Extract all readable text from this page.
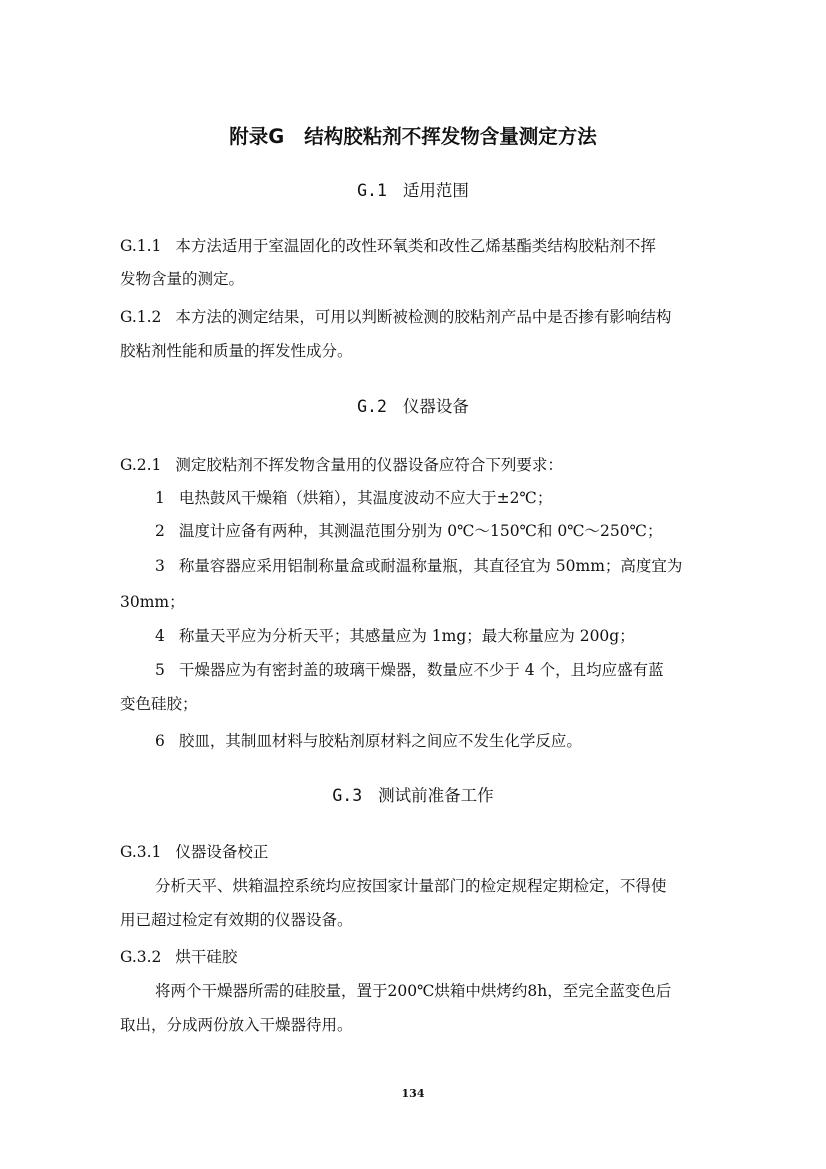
附录G 结构胶粘剂不挥发物含量测定方法
G.1 适用范围
G.1.1 本方法适用于室温固化的改性环氧类和改性乙烯基酯类结构胶粘剂不挥
发物含量的测定。
G.1.2 本方法的测定结果，可用以判断被检测的胶粘剂产品中是否掺有影响结构
胶粘剂性能和质量的挥发性成分。
G.2 仪器设备
G.2.1 测定胶粘剂不挥发物含量用的仪器设备应符合下列要求：
1 电热鼓风干燥箱（烘箱），其温度波动不应大于±2℃；
2 温度计应备有两种，其测温范围分别为 0℃～150℃和 0℃～250℃；
3 称量容器应采用铝制称量盒或耐温称量瓶，其直径宜为 50mm；高度宜为
30mm；
4 称量天平应为分析天平；其感量应为 1mg；最大称量应为 200g；
5 干燥器应为有密封盖的玻璃干燥器，数量应不少于 4 个，且均应盛有蓝
变色硅胶；
6 胶皿，其制皿材料与胶粘剂原材料之间应不发生化学反应。
G.3 测试前准备工作
G.3.1 仪器设备校正
分析天平、烘箱温控系统均应按国家计量部门的检定规程定期检定，不得使
用已超过检定有效期的仪器设备。
G.3.2 烘干硅胶
将两个干燥器所需的硅胶量，置于200℃烘箱中烘烤约8h，至完全蓝变色后
取出，分成两份放入干燥器待用。
134
